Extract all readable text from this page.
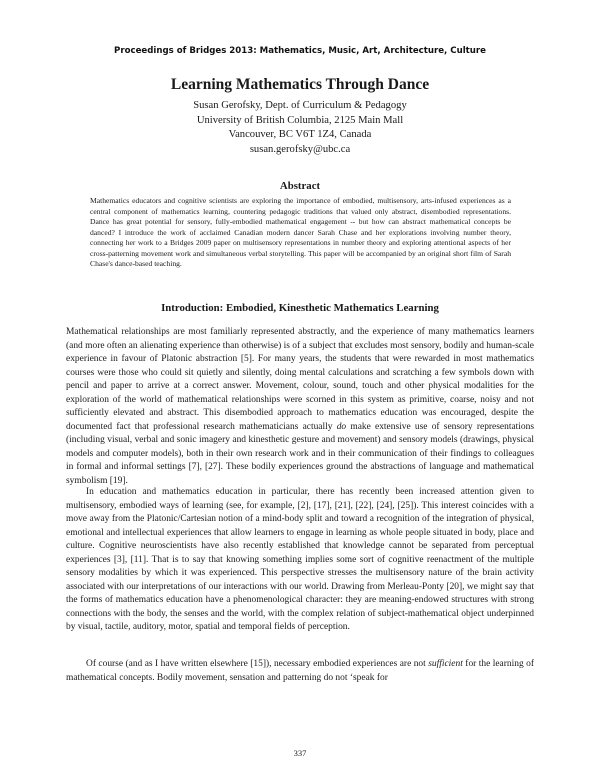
Proceedings of Bridges 2013: Mathematics, Music, Art, Architecture, Culture
Learning Mathematics Through Dance
Susan Gerofsky, Dept. of Curriculum & Pedagogy
University of British Columbia, 2125 Main Mall
Vancouver, BC V6T 1Z4, Canada
susan.gerofsky@ubc.ca
Abstract
Mathematics educators and cognitive scientists are exploring the importance of embodied, multisensory, arts-infused experiences as a central component of mathematics learning, countering pedagogic traditions that valued only abstract, disembodied representations. Dance has great potential for sensory, fully-embodied mathematical engagement -- but how can abstract mathematical concepts be danced? I introduce the work of acclaimed Canadian modern dancer Sarah Chase and her explorations involving number theory, connecting her work to a Bridges 2009 paper on multisensory representations in number theory and exploring attentional aspects of her cross-patterning movement work and simultaneous verbal storytelling. This paper will be accompanied by an original short film of Sarah Chase's dance-based teaching.
Introduction: Embodied, Kinesthetic Mathematics Learning
Mathematical relationships are most familiarly represented abstractly, and the experience of many mathematics learners (and more often an alienating experience than otherwise) is of a subject that excludes most sensory, bodily and human-scale experience in favour of Platonic abstraction [5]. For many years, the students that were rewarded in most mathematics courses were those who could sit quietly and silently, doing mental calculations and scratching a few symbols down with pencil and paper to arrive at a correct answer. Movement, colour, sound, touch and other physical modalities for the exploration of the world of mathematical relationships were scorned in this system as primitive, coarse, noisy and not sufficiently elevated and abstract. This disembodied approach to mathematics education was encouraged, despite the documented fact that professional research mathematicians actually do make extensive use of sensory representations (including visual, verbal and sonic imagery and kinesthetic gesture and movement) and sensory models (drawings, physical models and computer models), both in their own research work and in their communication of their findings to colleagues in formal and informal settings [7], [27]. These bodily experiences ground the abstractions of language and mathematical symbolism [19].
In education and mathematics education in particular, there has recently been increased attention given to multisensory, embodied ways of learning (see, for example, [2], [17], [21], [22], [24], [25]). This interest coincides with a move away from the Platonic/Cartesian notion of a mind-body split and toward a recognition of the integration of physical, emotional and intellectual experiences that allow learners to engage in learning as whole people situated in body, place and culture. Cognitive neuroscientists have also recently established that knowledge cannot be separated from perceptual experiences [3], [11]. That is to say that knowing something implies some sort of cognitive reenactment of the multiple sensory modalities by which it was experienced. This perspective stresses the multisensory nature of the brain activity associated with our interpretations of our interactions with our world. Drawing from Merleau-Ponty [20], we might say that the forms of mathematics education have a phenomenological character: they are meaning-endowed structures with strong connections with the body, the senses and the world, with the complex relation of subject-mathematical object underpinned by visual, tactile, auditory, motor, spatial and temporal fields of perception.
Of course (and as I have written elsewhere [15]), necessary embodied experiences are not sufficient for the learning of mathematical concepts. Bodily movement, sensation and patterning do not ‘speak for
337
